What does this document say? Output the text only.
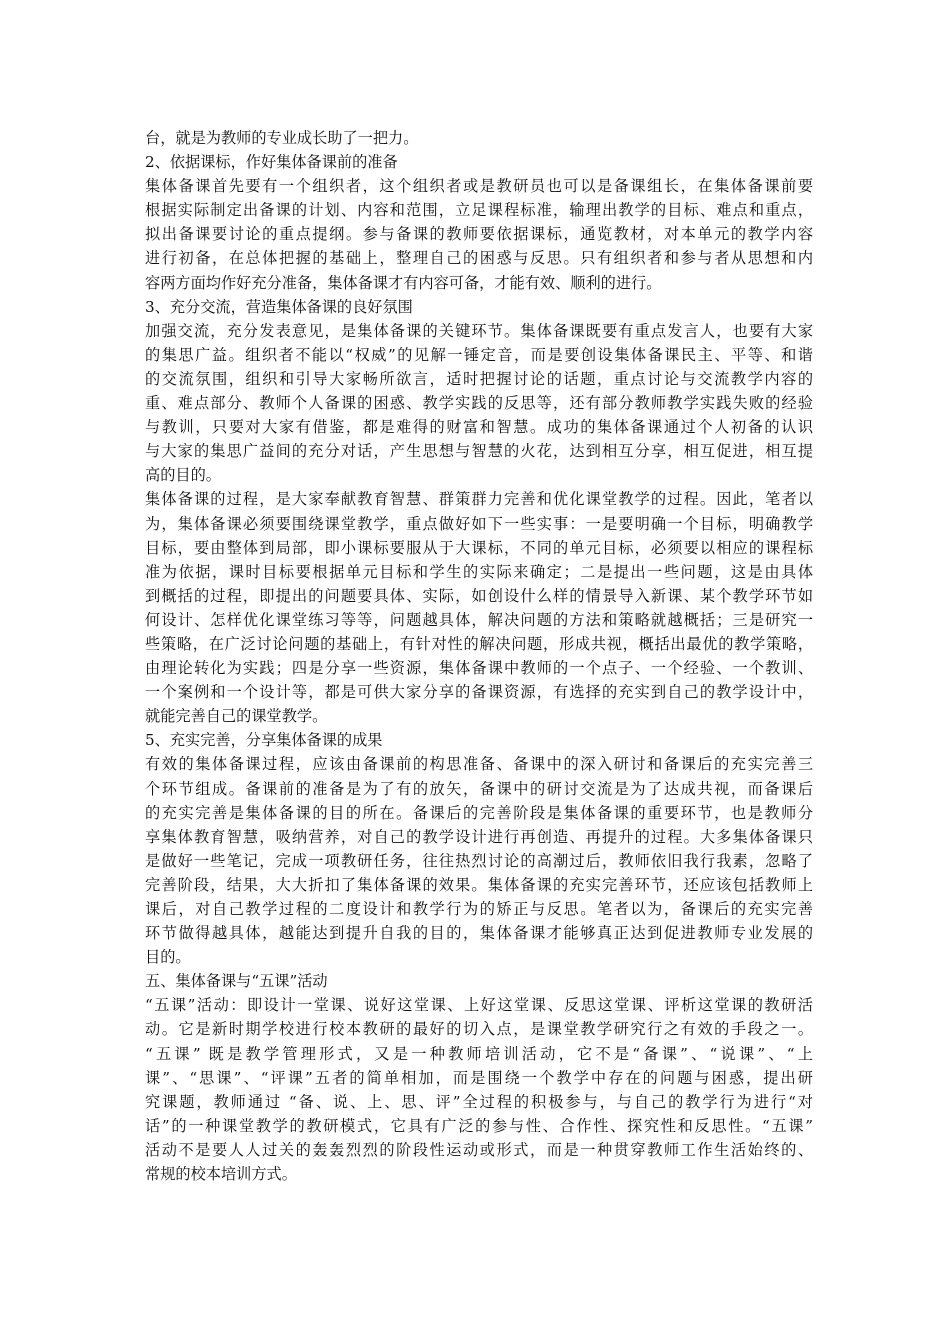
台，就是为教师的专业成长助了一把力。
2、依据课标，作好集体备课前的准备
集体备课首先要有一个组织者，这个组织者或是教研员也可以是备课组长，在集体备课前要
根据实际制定出备课的计划、内容和范围，立足课程标准，输理出教学的目标、难点和重点，
拟出备课要讨论的重点提纲。参与备课的教师要依据课标，通览教材，对本单元的教学内容
进行初备，在总体把握的基础上，整理自己的困惑与反思。只有组织者和参与者从思想和内
容两方面均作好充分准备，集体备课才有内容可备，才能有效、顺利的进行。
3、充分交流，营造集体备课的良好氛围
加强交流，充分发表意见，是集体备课的关键环节。集体备课既要有重点发言人，也要有大家
的集思广益。组织者不能以“权威”的见解一锤定音，而是要创设集体备课民主、平等、和谐
的交流氛围，组织和引导大家畅所欲言，适时把握讨论的话题，重点讨论与交流教学内容的
重、难点部分、教师个人备课的困惑、教学实践的反思等，还有部分教师教学实践失败的经验
与教训，只要对大家有借鉴，都是难得的财富和智慧。成功的集体备课通过个人初备的认识
与大家的集思广益间的充分对话，产生思想与智慧的火花，达到相互分享，相互促进，相互提
高的目的。
集体备课的过程，是大家奉献教育智慧、群策群力完善和优化课堂教学的过程。因此，笔者以
为，集体备课必须要围绕课堂教学，重点做好如下一些实事：一是要明确一个目标，明确教学
目标，要由整体到局部，即小课标要服从于大课标，不同的单元目标，必须要以相应的课程标
准为依据，课时目标要根据单元目标和学生的实际来确定；二是提出一些问题，这是由具体
到概括的过程，即提出的问题要具体、实际，如创设什么样的情景导入新课、某个教学环节如
何设计、怎样优化课堂练习等等，问题越具体，解决问题的方法和策略就越概括；三是研究一
些策略，在广泛讨论问题的基础上，有针对性的解决问题，形成共视，概括出最优的教学策略，
由理论转化为实践；四是分享一些资源，集体备课中教师的一个点子、一个经验、一个教训、
一个案例和一个设计等，都是可供大家分享的备课资源，有选择的充实到自己的教学设计中，
就能完善自己的课堂教学。
5、充实完善，分享集体备课的成果
有效的集体备课过程，应该由备课前的构思准备、备课中的深入研讨和备课后的充实完善三
个环节组成。备课前的准备是为了有的放矢，备课中的研讨交流是为了达成共视，而备课后
的充实完善是集体备课的目的所在。备课后的完善阶段是集体备课的重要环节，也是教师分
享集体教育智慧，吸纳营养，对自己的教学设计进行再创造、再提升的过程。大多集体备课只
是做好一些笔记，完成一项教研任务，往往热烈讨论的高潮过后，教师依旧我行我素，忽略了
完善阶段，结果，大大折扣了集体备课的效果。集体备课的充实完善环节，还应该包括教师上
课后，对自己教学过程的二度设计和教学行为的矫正与反思。笔者以为，备课后的充实完善
环节做得越具体，越能达到提升自我的目的，集体备课才能够真正达到促进教师专业发展的
目的。
五、集体备课与“五课”活动
“五课”活动：即设计一堂课、说好这堂课、上好这堂课、反思这堂课、评析这堂课的教研活
动。它是新时期学校进行校本教研的最好的切入点，是课堂教学研究行之有效的手段之一。
“五课” 既是教学管理形式，又是一种教师培训活动，它不是“备课”、“说课”、“上
课”、“思课”、“评课”五者的简单相加，而是围绕一个教学中存在的问题与困惑，提出研
究课题，教师通过 “备、说、上、思、评”全过程的积极参与，与自己的教学行为进行“对
话”的一种课堂教学的教研模式，它具有广泛的参与性、合作性、探究性和反思性。“五课”
活动不是要人人过关的轰轰烈烈的阶段性运动或形式，而是一种贯穿教师工作生活始终的、
常规的校本培训方式。
